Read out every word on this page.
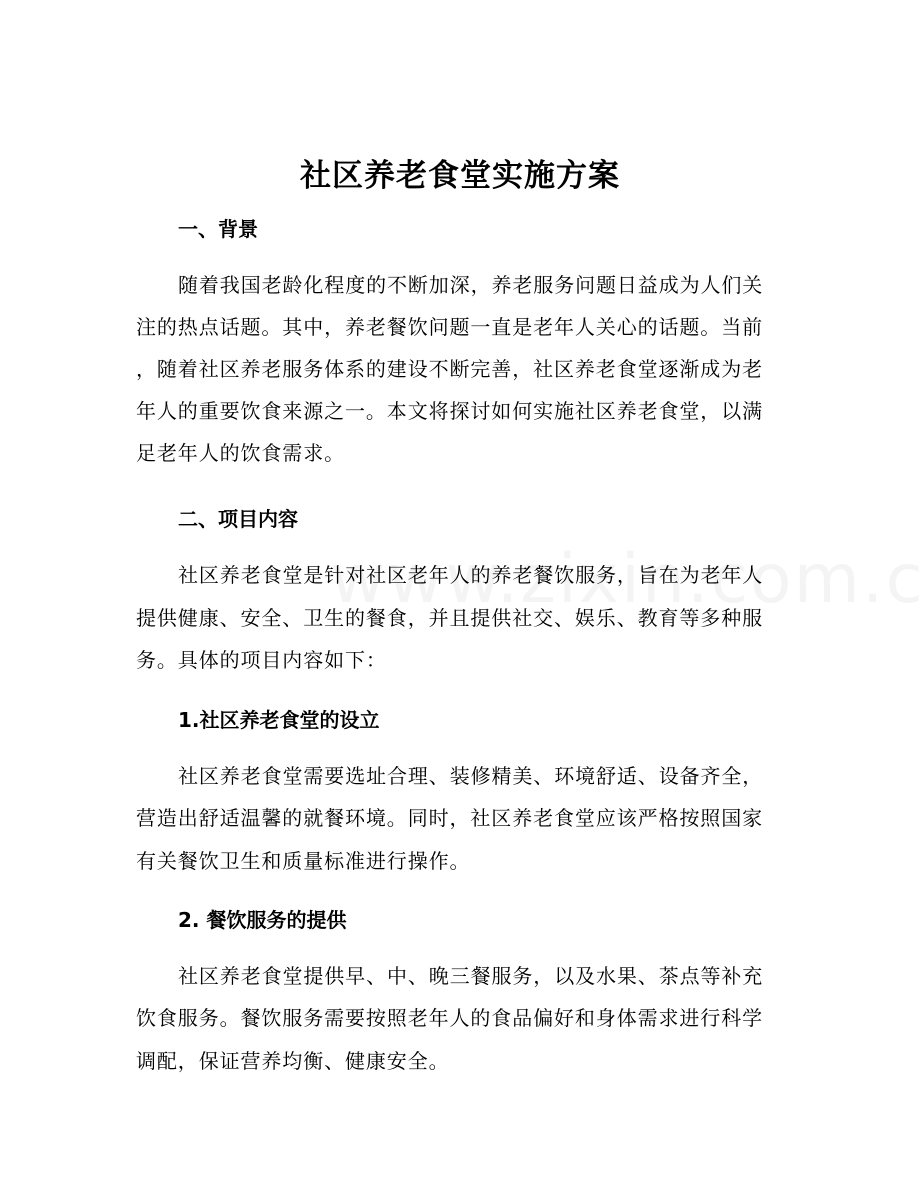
社区养老食堂实施方案
一、背景
随着我国老龄化程度的不断加深，养老服务问题日益成为人们关
注的热点话题。其中，养老餐饮问题一直是老年人关心的话题。当前
，随着社区养老服务体系的建设不断完善，社区养老食堂逐渐成为老
年人的重要饮食来源之一。本文将探讨如何实施社区养老食堂，以满
足老年人的饮食需求。
二、项目内容
社区养老食堂是针对社区老年人的养老餐饮服务，旨在为老年人
提供健康、安全、卫生的餐食，并且提供社交、娱乐、教育等多种服
务。具体的项目内容如下：
1.社区养老食堂的设立
社区养老食堂需要选址合理、装修精美、环境舒适、设备齐全，
营造出舒适温馨的就餐环境。同时，社区养老食堂应该严格按照国家
有关餐饮卫生和质量标准进行操作。
2. 餐饮服务的提供
社区养老食堂提供早、中、晚三餐服务，以及水果、茶点等补充
饮食服务。餐饮服务需要按照老年人的食品偏好和身体需求进行科学
调配，保证营养均衡、健康安全。
